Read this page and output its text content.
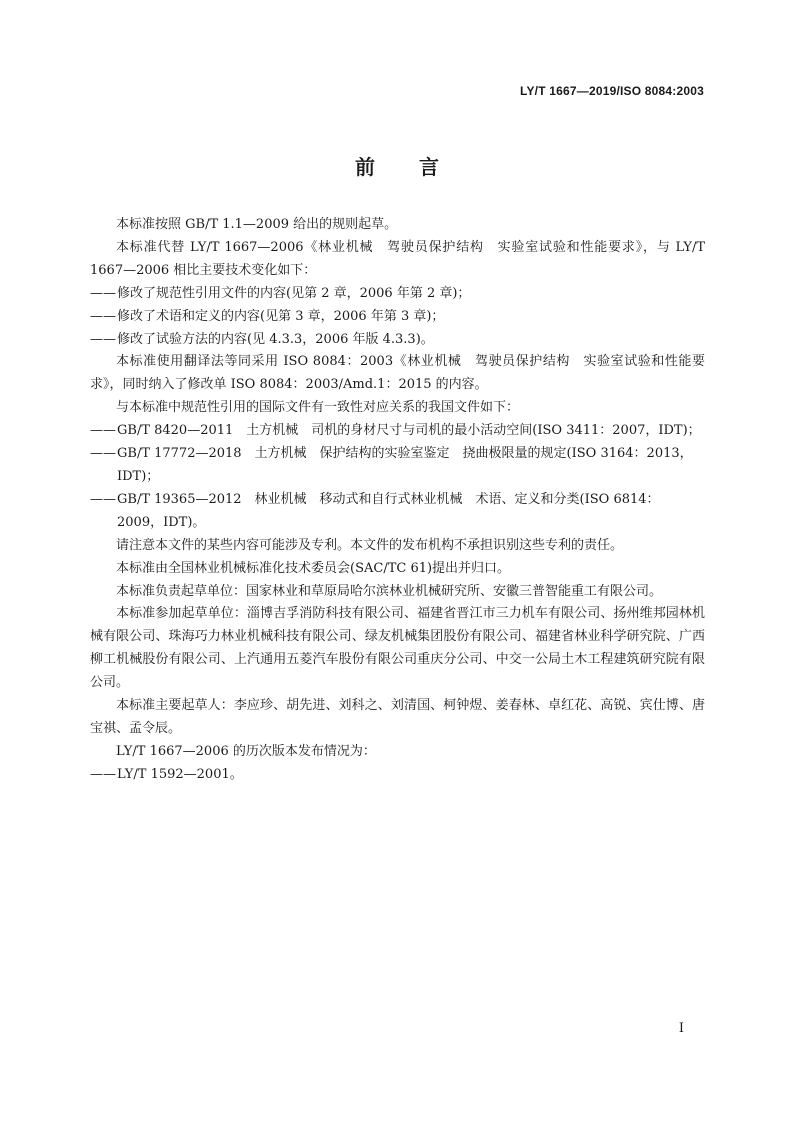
LY/T 1667—2019/ISO 8084:2003
前 言

本标准按照 GB/T 1.1—2009 给出的规则起草。

本标准代替 LY/T 1667—2006《林业机械　驾驶员保护结构　实验室试验和性能要求》，与 LY/T 1667—2006 相比主要技术变化如下：

——修改了规范性引用文件的内容(见第 2 章，2006 年第 2 章)；

——修改了术语和定义的内容(见第 3 章，2006 年第 3 章)；

——修改了试验方法的内容(见 4.3.3，2006 年版 4.3.3)。

本标准使用翻译法等同采用 ISO 8084：2003《林业机械　驾驶员保护结构　实验室试验和性能要求》，同时纳入了修改单 ISO 8084：2003/Amd.1：2015 的内容。

与本标准中规范性引用的国际文件有一致性对应关系的我国文件如下：

——GB/T 8420—2011　土方机械　司机的身材尺寸与司机的最小活动空间(ISO 3411：2007，IDT)；

——GB/T 17772—2018　土方机械　保护结构的实验室鉴定　挠曲极限量的规定(ISO 3164：2013，IDT)；

——GB/T 19365—2012　林业机械　移动式和自行式林业机械　术语、定义和分类(ISO 6814：2009，IDT)。

请注意本文件的某些内容可能涉及专利。本文件的发布机构不承担识别这些专利的责任。

本标准由全国林业机械标准化技术委员会(SAC/TC 61)提出并归口。

本标准负责起草单位：国家林业和草原局哈尔滨林业机械研究所、安徽三普智能重工有限公司。

本标准参加起草单位：淄博吉孚消防科技有限公司、福建省晋江市三力机车有限公司、扬州维邦园林机械有限公司、珠海巧力林业机械科技有限公司、绿友机械集团股份有限公司、福建省林业科学研究院、广西柳工机械股份有限公司、上汽通用五菱汽车股份有限公司重庆分公司、中交一公局土木工程建筑研究院有限公司。

本标准主要起草人：李应珍、胡先进、刘科之、刘清国、柯钟煜、姜春林、卓红花、高锐、宾仕博、唐宝祺、孟令辰。

LY/T 1667—2006 的历次版本发布情况为：

——LY/T 1592—2001。

I
